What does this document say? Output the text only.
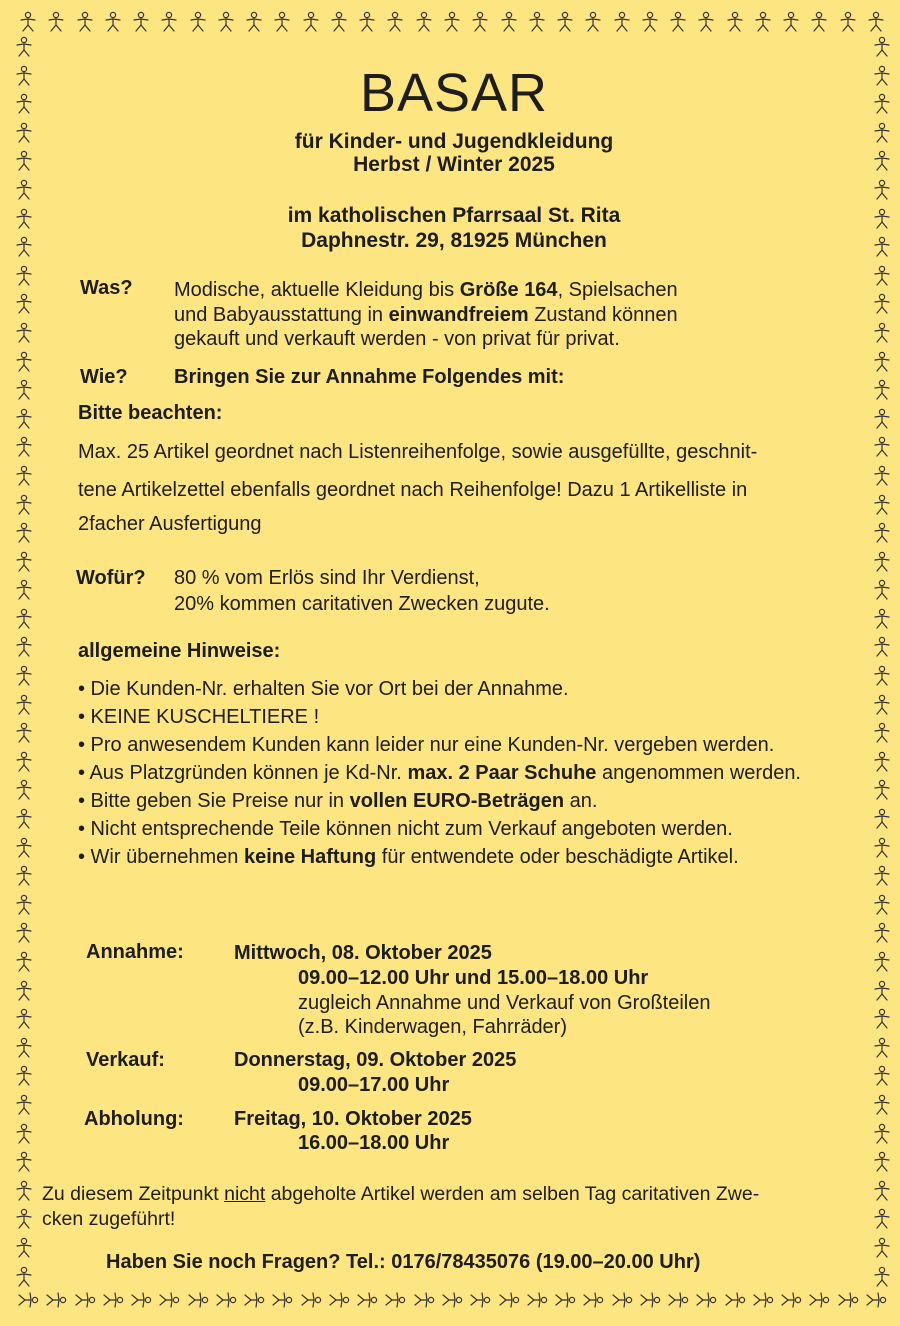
BASAR
für Kinder- und Jugendkleidung
Herbst / Winter 2025
im katholischen Pfarrsaal St. Rita
Daphnestr. 29, 81925 München
Was? Modische, aktuelle Kleidung bis Größe 164, Spielsachen
und Babyausstattung in einwandfreiem Zustand können
gekauft und verkauft werden - von privat für privat.
Wie? Bringen Sie zur Annahme Folgendes mit:
Bitte beachten:
Max. 25 Artikel geordnet nach Listenreihenfolge, sowie ausgefüllte, geschnit-
tene Artikelzettel ebenfalls geordnet nach Reihenfolge! Dazu 1 Artikelliste in
2facher Ausfertigung
Wofür? 80 % vom Erlös sind Ihr Verdienst,
20% kommen caritativen Zwecken zugute.
allgemeine Hinweise:

• Die Kunden-Nr. erhalten Sie vor Ort bei der Annahme.

• KEINE KUSCHELTIERE !

• Pro anwesendem Kunden kann leider nur eine Kunden-Nr. vergeben werden.

• Aus Platzgründen können je Kd-Nr. max. 2 Paar Schuhe angenommen werden.

• Bitte geben Sie Preise nur in vollen EURO-Beträgen an.

• Nicht entsprechende Teile können nicht zum Verkauf angeboten werden.

• Wir übernehmen keine Haftung für entwendete oder beschädigte Artikel.

Annahme:	Mittwoch, 08. Oktober 2025
09.00–12.00 Uhr und 15.00–18.00 Uhr
zugleich Annahme und Verkauf von Großteilen
(z.B. Kinderwagen, Fahrräder)
Verkauf:	Donnerstag, 09. Oktober 2025
09.00–17.00 Uhr
Abholung:	Freitag, 10. Oktober 2025
16.00–18.00 Uhr
Zu diesem Zeitpunkt nicht abgeholte Artikel werden am selben Tag caritativen Zwe-
cken zugeführt!
Haben Sie noch Fragen? Tel.: 0176/78435076 (19.00–20.00 Uhr)
